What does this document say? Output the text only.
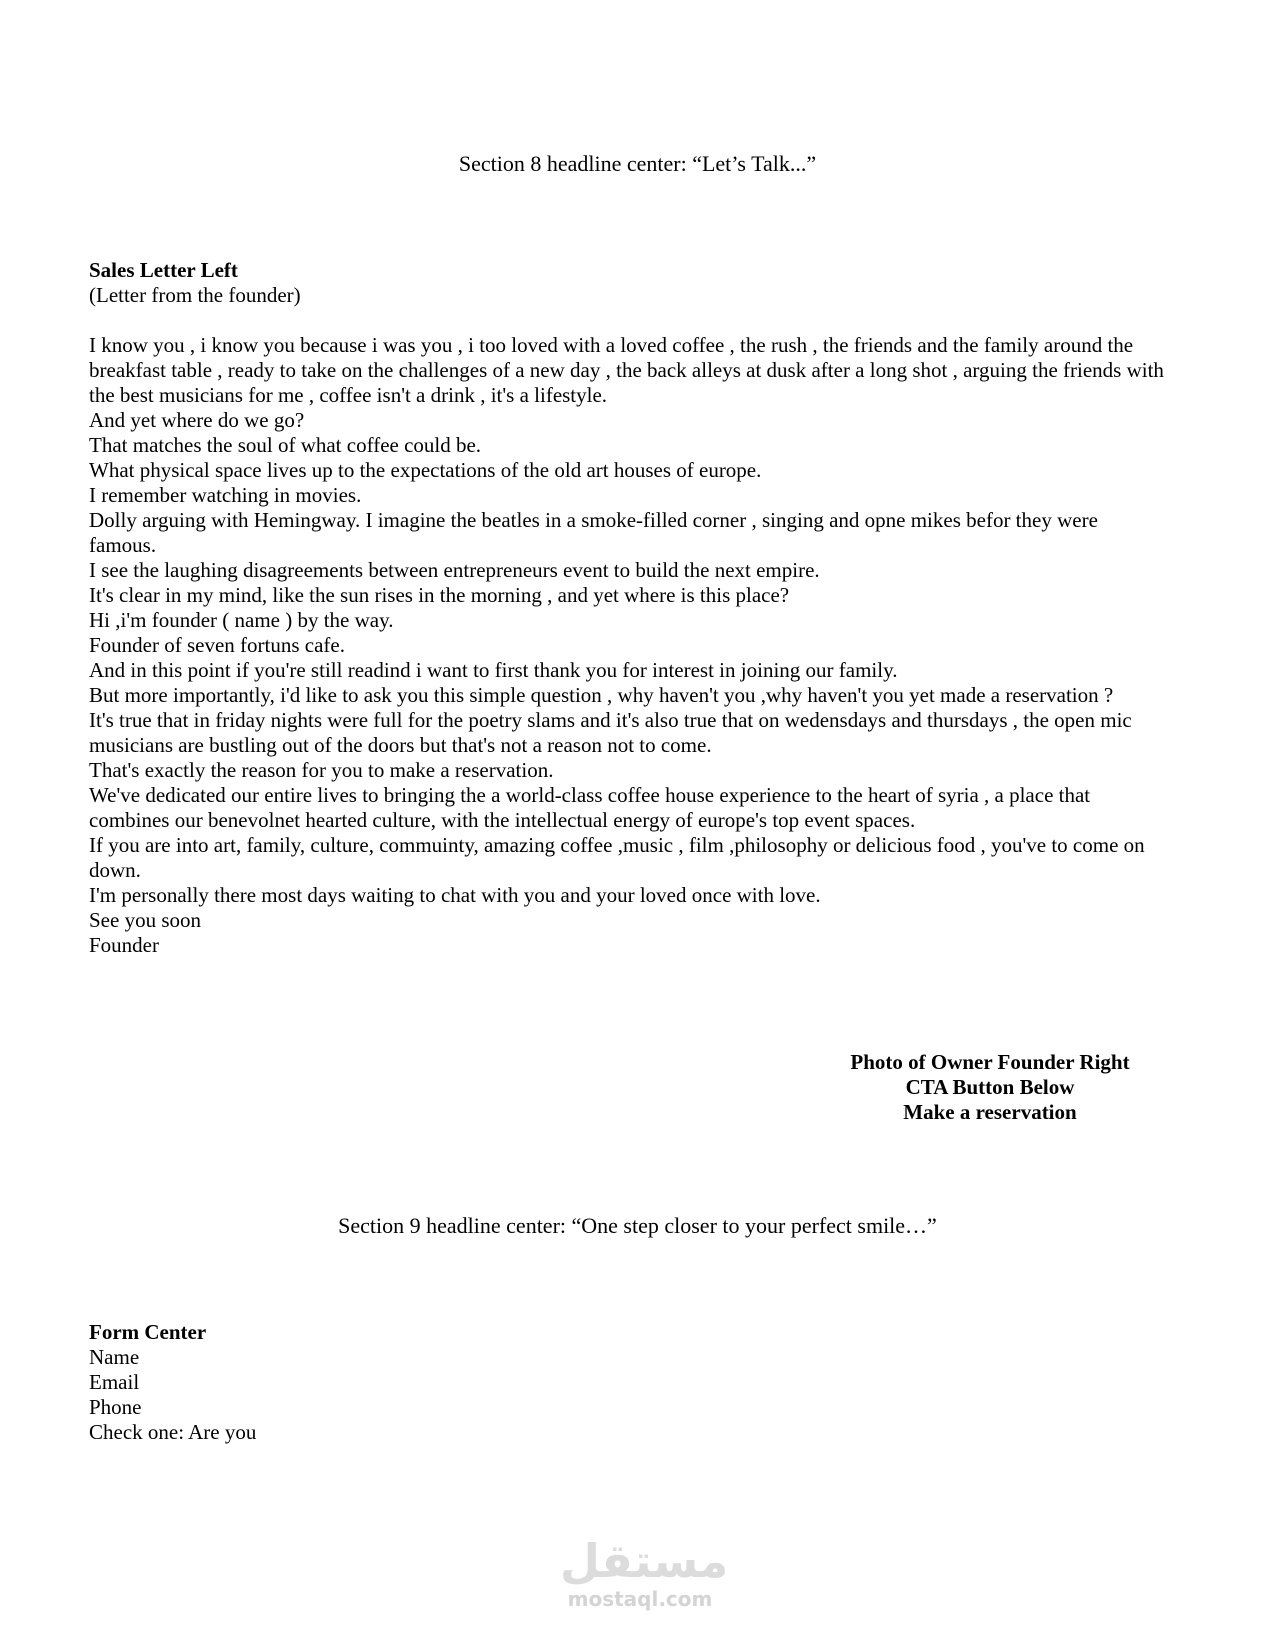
Section 8 headline center: “Let’s Talk...”
Sales Letter Left
(Letter from the founder)
I know you , i know you because i was you , i too loved with a loved coffee , the rush , the friends and the family around the breakfast table , ready to take on the challenges of a new day , the back alleys at dusk after a long shot , arguing the friends with the best musicians for me , coffee isn't a drink , it's a lifestyle.
And yet where do we go?
That matches the soul of what coffee could be.
What physical space lives up to the expectations of the old art houses of europe.
I remember watching in movies.
Dolly arguing with Hemingway. I imagine the beatles in a smoke-filled corner , singing and opne mikes befor they were famous.
I see the laughing disagreements between entrepreneurs event to build the next empire.
It's clear in my mind, like the sun rises in the morning , and yet where is this place?
Hi ,i'm founder ( name ) by the way.
Founder of seven fortuns cafe.
And in this point if you're still readind i want to first thank you for interest in joining our family.
But more importantly, i'd like to ask you this simple question , why haven't you ,why haven't you yet made a reservation ?
It's true that in friday nights were full for the poetry slams and it's also true that on wedensdays and thursdays , the open mic musicians are bustling out of the doors but that's not a reason not to come.
That's exactly the reason for you to make a reservation.
We've dedicated our entire lives to bringing the a world-class coffee house experience to the heart of syria , a place that combines our benevolnet hearted culture, with the intellectual energy of europe's top event spaces.
If you are into art, family, culture, commuinty, amazing coffee ,music , film ,philosophy or delicious food , you've to come on down.
I'm personally there most days waiting to chat with you and your loved once with love.
See you soon
Founder
Photo of Owner Founder Right
CTA Button Below
Make a reservation
Section 9 headline center: “One step closer to your perfect smile…”
Form Center
Name
Email
Phone
Check one: Are you
مستقل
mostaql.com
